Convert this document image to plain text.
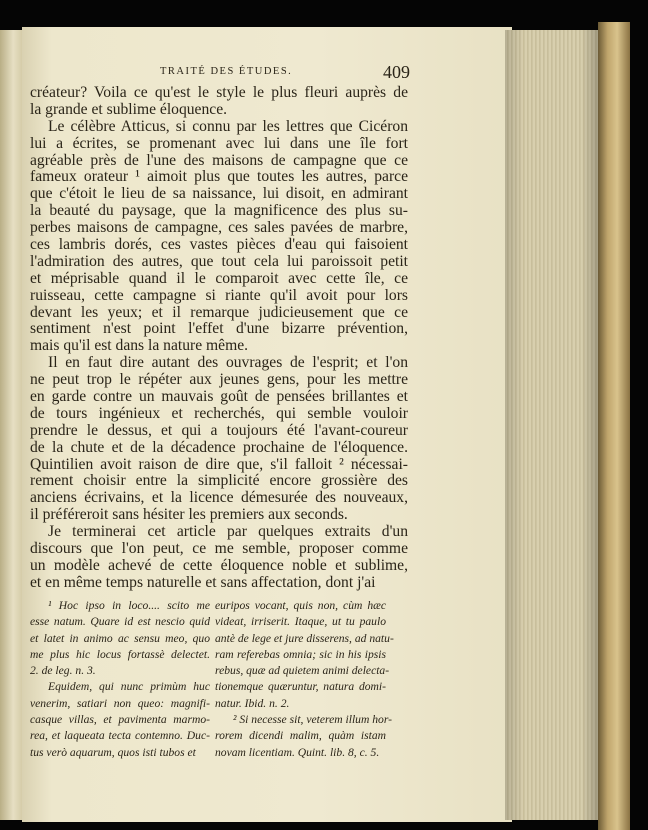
TRAITÉ DES ÉTUDES.	409
créateur? Voila ce qu'est le style le plus fleuri auprès de
la grande et sublime éloquence.
Le célèbre Atticus, si connu par les lettres que Cicéron
lui a écrites, se promenant avec lui dans une île fort
agréable près de l'une des maisons de campagne que ce
fameux orateur ¹ aimoit plus que toutes les autres, parce
que c'étoit le lieu de sa naissance, lui disoit, en admirant
la beauté du paysage, que la magnificence des plus su-
perbes maisons de campagne, ces sales pavées de marbre,
ces lambris dorés, ces vastes pièces d'eau qui faisoient
l'admiration des autres, que tout cela lui paroissoit petit
et méprisable quand il le comparoit avec cette île, ce
ruisseau, cette campagne si riante qu'il avoit pour lors
devant les yeux; et il remarque judicieusement que ce
sentiment n'est point l'effet d'une bizarre prévention,
mais qu'il est dans la nature même.
Il en faut dire autant des ouvrages de l'esprit; et l'on
ne peut trop le répéter aux jeunes gens, pour les mettre
en garde contre un mauvais goût de pensées brillantes et
de tours ingénieux et recherchés, qui semble vouloir
prendre le dessus, et qui a toujours été l'avant-coureur
de la chute et de la décadence prochaine de l'éloquence.
Quintilien avoit raison de dire que, s'il falloit ² nécessai-
rement choisir entre la simplicité encore grossière des
anciens écrivains, et la licence démesurée des nouveaux,
il préféreroit sans hésiter les premiers aux seconds.
Je terminerai cet article par quelques extraits d'un
discours que l'on peut, ce me semble, proposer comme
un modèle achevé de cette éloquence noble et sublime,
et en même temps naturelle et sans affectation, dont j'ai
¹ Hoc ipso in loco.... scito me
esse natum. Quare id est nescio quid
et latet in animo ac sensu meo, quo
me plus hic locus fortassè delectet.
2. de leg. n. 3.
Equidem, qui nunc primùm huc
venerim, satiari non queo: magnifi-
casque villas, et pavimenta marmo-
rea, et laqueata tecta contemno. Duc-
tus verò aquarum, quos isti tubos et
euripos vocant, quis non, cùm hæc
videat, irriserit. Itaque, ut tu paulo
antè de lege et jure disserens, ad natu-
ram referebas omnia; sic in his ipsis
rebus, quæ ad quietem animi delecta-
tionemque quæruntur, natura domi-
natur. Ibid. n. 2.
² Si necesse sit, veterem illum hor-
rorem dicendi malim, quàm istam
novam licentiam. Quint. lib. 8, c. 5.
